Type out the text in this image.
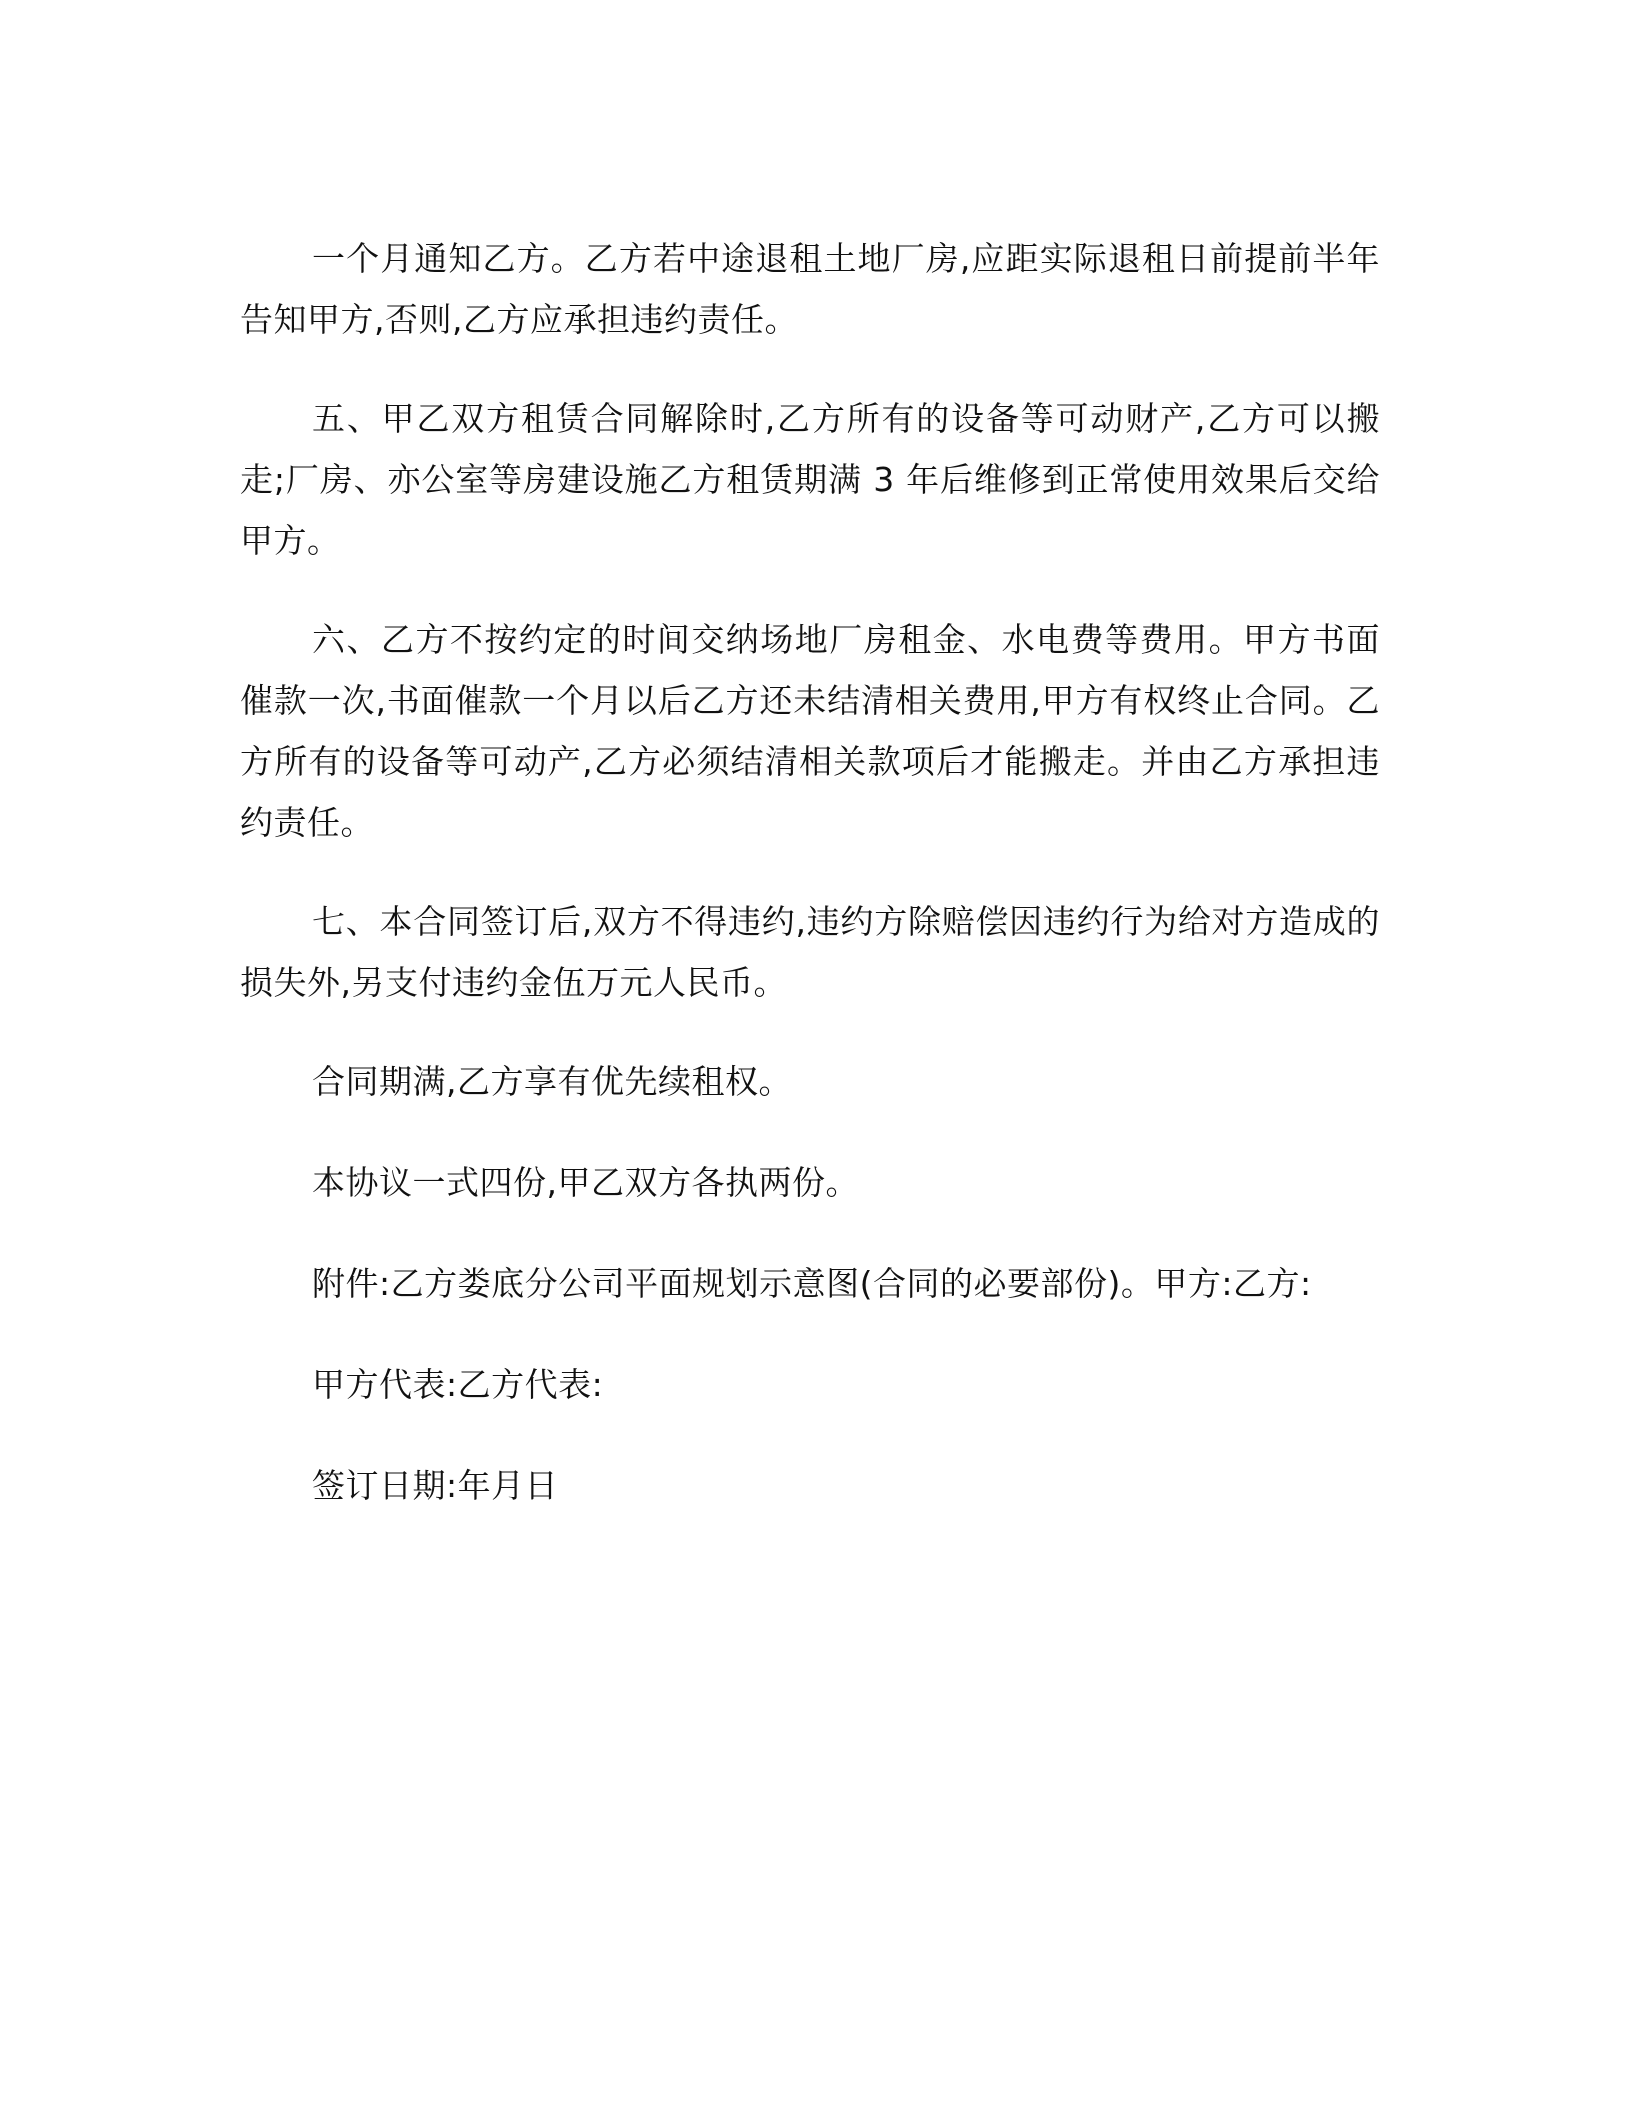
一个月通知乙方。乙方若中途退租土地厂房,应距实际退租日前提前半年告知甲方,否则,乙方应承担违约责任。

五、甲乙双方租赁合同解除时,乙方所有的设备等可动财产,乙方可以搬走;厂房、亦公室等房建设施乙方租赁期满 3 年后维修到正常使用效果后交给甲方。

六、乙方不按约定的时间交纳场地厂房租金、水电费等费用。甲方书面催款一次,书面催款一个月以后乙方还未结清相关费用,甲方有权终止合同。乙方所有的设备等可动产,乙方必须结清相关款项后才能搬走。并由乙方承担违约责任。

七、本合同签订后,双方不得违约,违约方除赔偿因违约行为给对方造成的损失外,另支付违约金伍万元人民币。

合同期满,乙方享有优先续租权。

本协议一式四份,甲乙双方各执两份。

附件:乙方娄底分公司平面规划示意图(合同的必要部份)。甲方:乙方:

甲方代表:乙方代表:

签订日期:年月日
